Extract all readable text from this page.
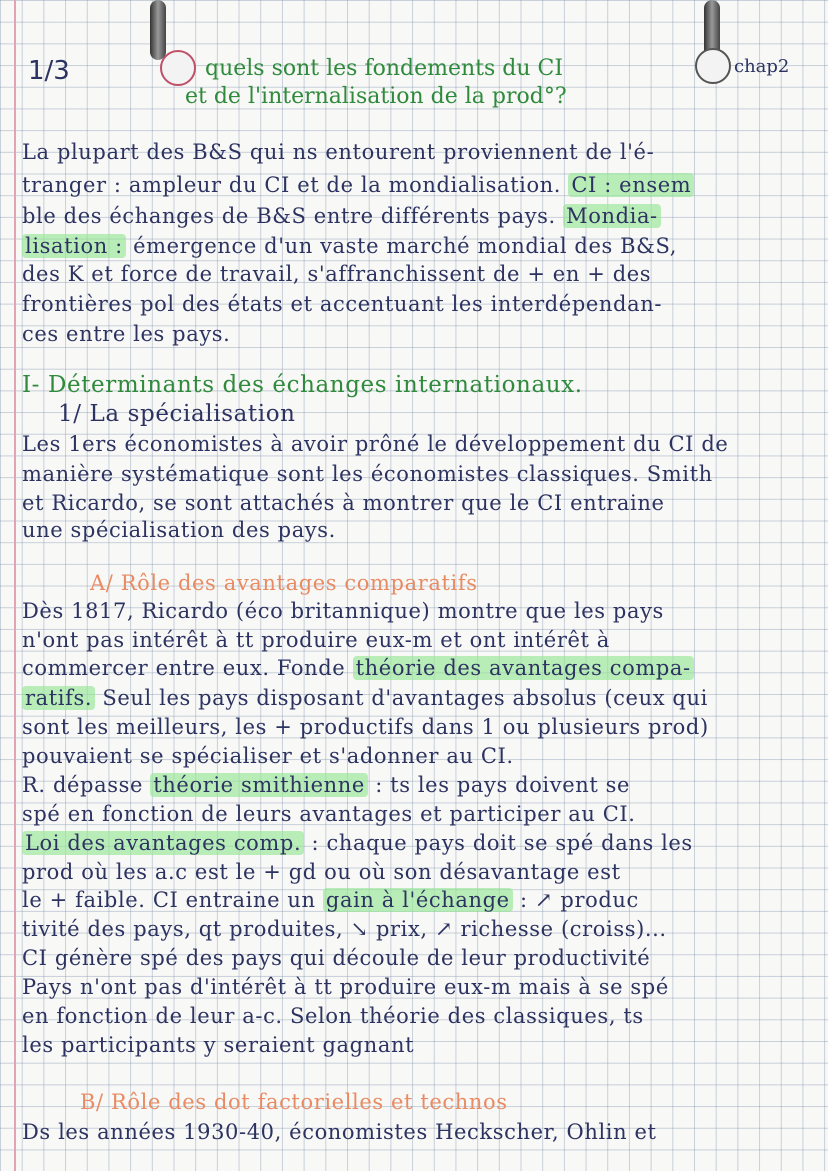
1/3	chap2
quels sont les fondements du CI
et de l'internalisation de la prod°?
La plupart des B&S qui ns entourent proviennent de l'é-
tranger : ampleur du CI et de la mondialisation. CI : ensem
ble des échanges de B&S entre différents pays. Mondia-
lisation : émergence d'un vaste marché mondial des B&S,
des K et force de travail, s'affranchissent de + en + des
frontières pol des états et accentuant les interdépendan-
ces entre les pays.
I- Déterminants des échanges internationaux.
1/ La spécialisation
Les 1ers économistes à avoir prôné le développement du CI de
manière systématique sont les économistes classiques. Smith
et Ricardo, se sont attachés à montrer que le CI entraine
une spécialisation des pays.
A/ Rôle des avantages comparatifs
Dès 1817, Ricardo (éco britannique) montre que les pays
n'ont pas intérêt à tt produire eux-m et ont intérêt à
commercer entre eux. Fonde théorie des avantages compa-
ratifs. Seul les pays disposant d'avantages absolus (ceux qui
sont les meilleurs, les + productifs dans 1 ou plusieurs prod)
pouvaient se spécialiser et s'adonner au CI.
R. dépasse théorie smithienne : ts les pays doivent se
spé en fonction de leurs avantages et participer au CI.
Loi des avantages comp. : chaque pays doit se spé dans les
prod où les a.c est le + gd ou où son désavantage est
le + faible. CI entraine un gain à l'échange : ↗ produc
tivité des pays, qt produites, ↘ prix, ↗ richesse (croiss)...
CI génère spé des pays qui découle de leur productivité
Pays n'ont pas d'intérêt à tt produire eux-m mais à se spé
en fonction de leur a-c. Selon théorie des classiques, ts
les participants y seraient gagnant
B/ Rôle des dot factorielles et technos
Ds les années 1930-40, économistes Heckscher, Ohlin et
